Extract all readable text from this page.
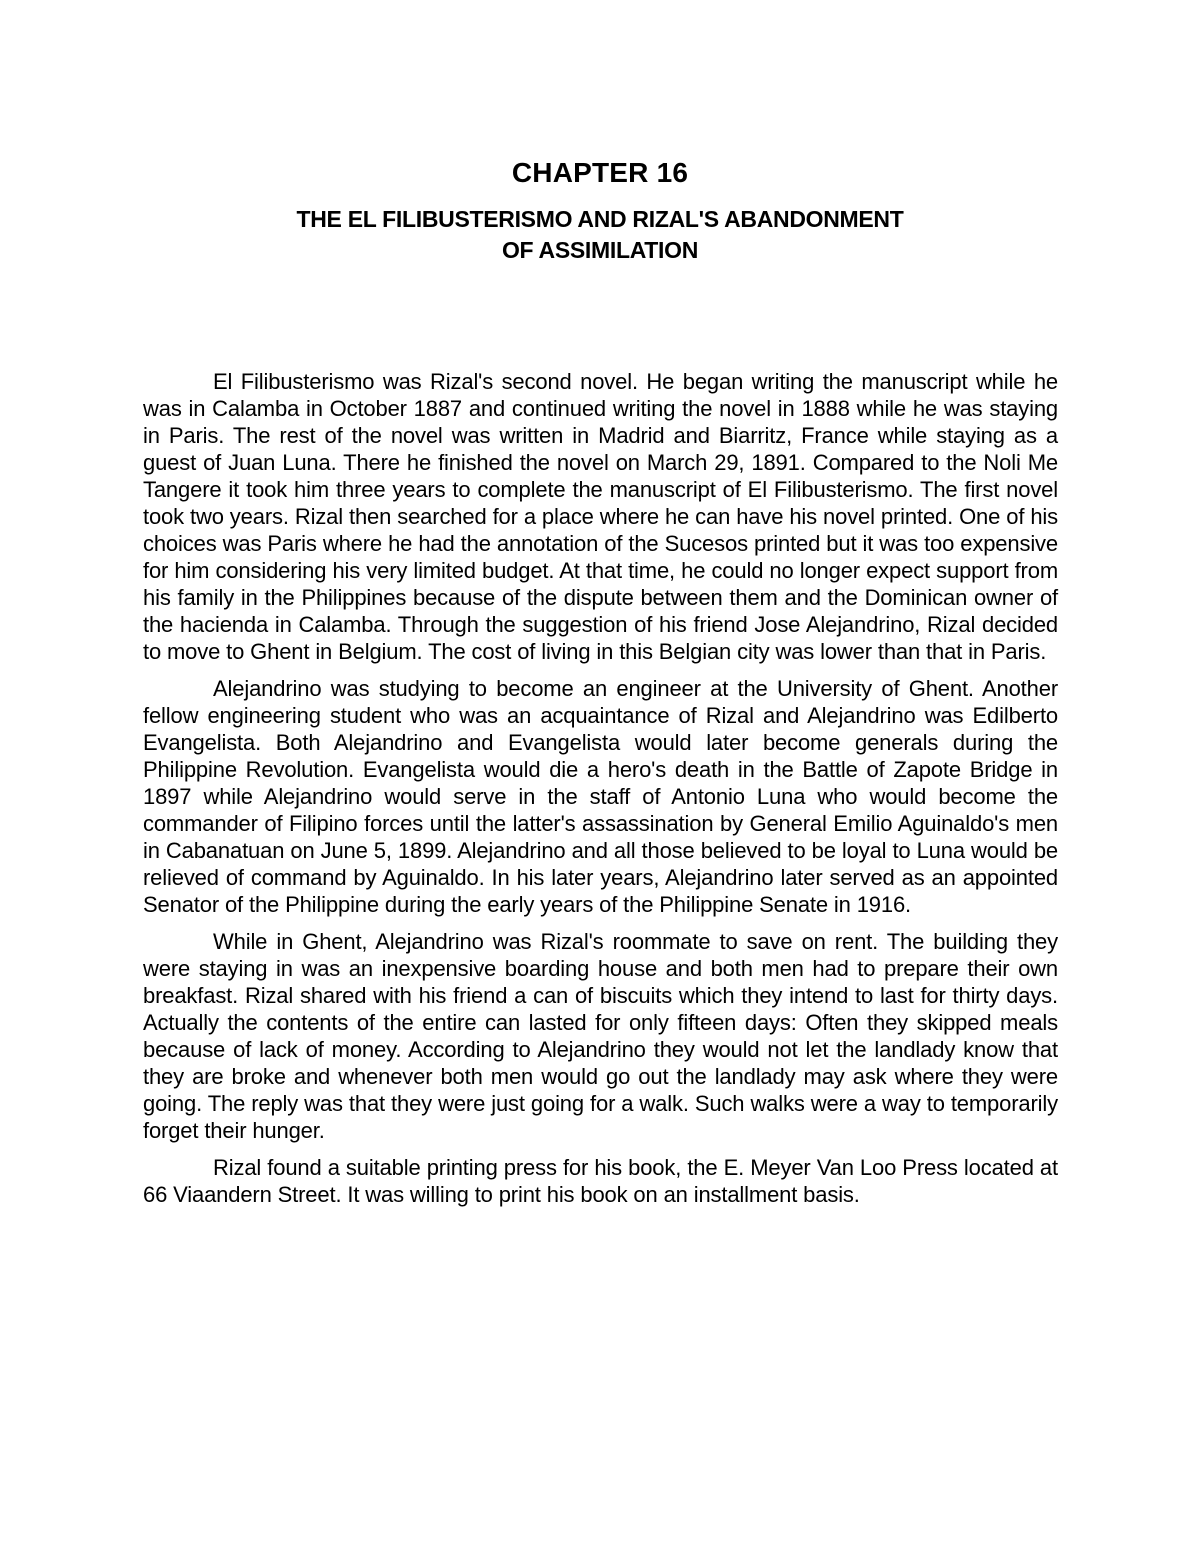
CHAPTER 16
THE EL FILIBUSTERISMO AND RIZAL'S ABANDONMENT
OF ASSIMILATION

El Filibusterismo was Rizal's second novel. He began writing the manuscript while he was in Calamba in October 1887 and continued writing the novel in 1888 while he was staying in Paris. The rest of the novel was written in Madrid and Biarritz, France while staying as a guest of Juan Luna. There he finished the novel on March 29, 1891. Compared to the Noli Me Tangere it took him three years to complete the manuscript of El Filibusterismo. The first novel took two years. Rizal then searched for a place where he can have his novel printed. One of his choices was Paris where he had the annotation of the Sucesos printed but it was too expensive for him considering his very limited budget. At that time, he could no longer expect support from his family in the Philippines because of the dispute between them and the Dominican owner of the hacienda in Calamba. Through the suggestion of his friend Jose Alejandrino, Rizal decided to move to Ghent in Belgium. The cost of living in this Belgian city was lower than that in Paris.

Alejandrino was studying to become an engineer at the University of Ghent. Another fellow engineering student who was an acquaintance of Rizal and Alejandrino was Edilberto Evangelista. Both Alejandrino and Evangelista would later become generals during the Philippine Revolution. Evangelista would die a hero's death in the Battle of Zapote Bridge in 1897 while Alejandrino would serve in the staff of Antonio Luna who would become the commander of Filipino forces until the latter's assassination by General Emilio Aguinaldo's men in Cabanatuan on June 5, 1899. Alejandrino and all those believed to be loyal to Luna would be relieved of command by Aguinaldo. In his later years, Alejandrino later served as an appointed Senator of the Philippine during the early years of the Philippine Senate in 1916.

While in Ghent, Alejandrino was Rizal's roommate to save on rent. The building they were staying in was an inexpensive boarding house and both men had to prepare their own breakfast. Rizal shared with his friend a can of biscuits which they intend to last for thirty days. Actually the contents of the entire can lasted for only fifteen days: Often they skipped meals because of lack of money. According to Alejandrino they would not let the landlady know that they are broke and whenever both men would go out the landlady may ask where they were going. The reply was that they were just going for a walk. Such walks were a way to temporarily forget their hunger.

Rizal found a suitable printing press for his book, the E. Meyer Van Loo Press located at 66 Viaandern Street. It was willing to print his book on an installment basis.
